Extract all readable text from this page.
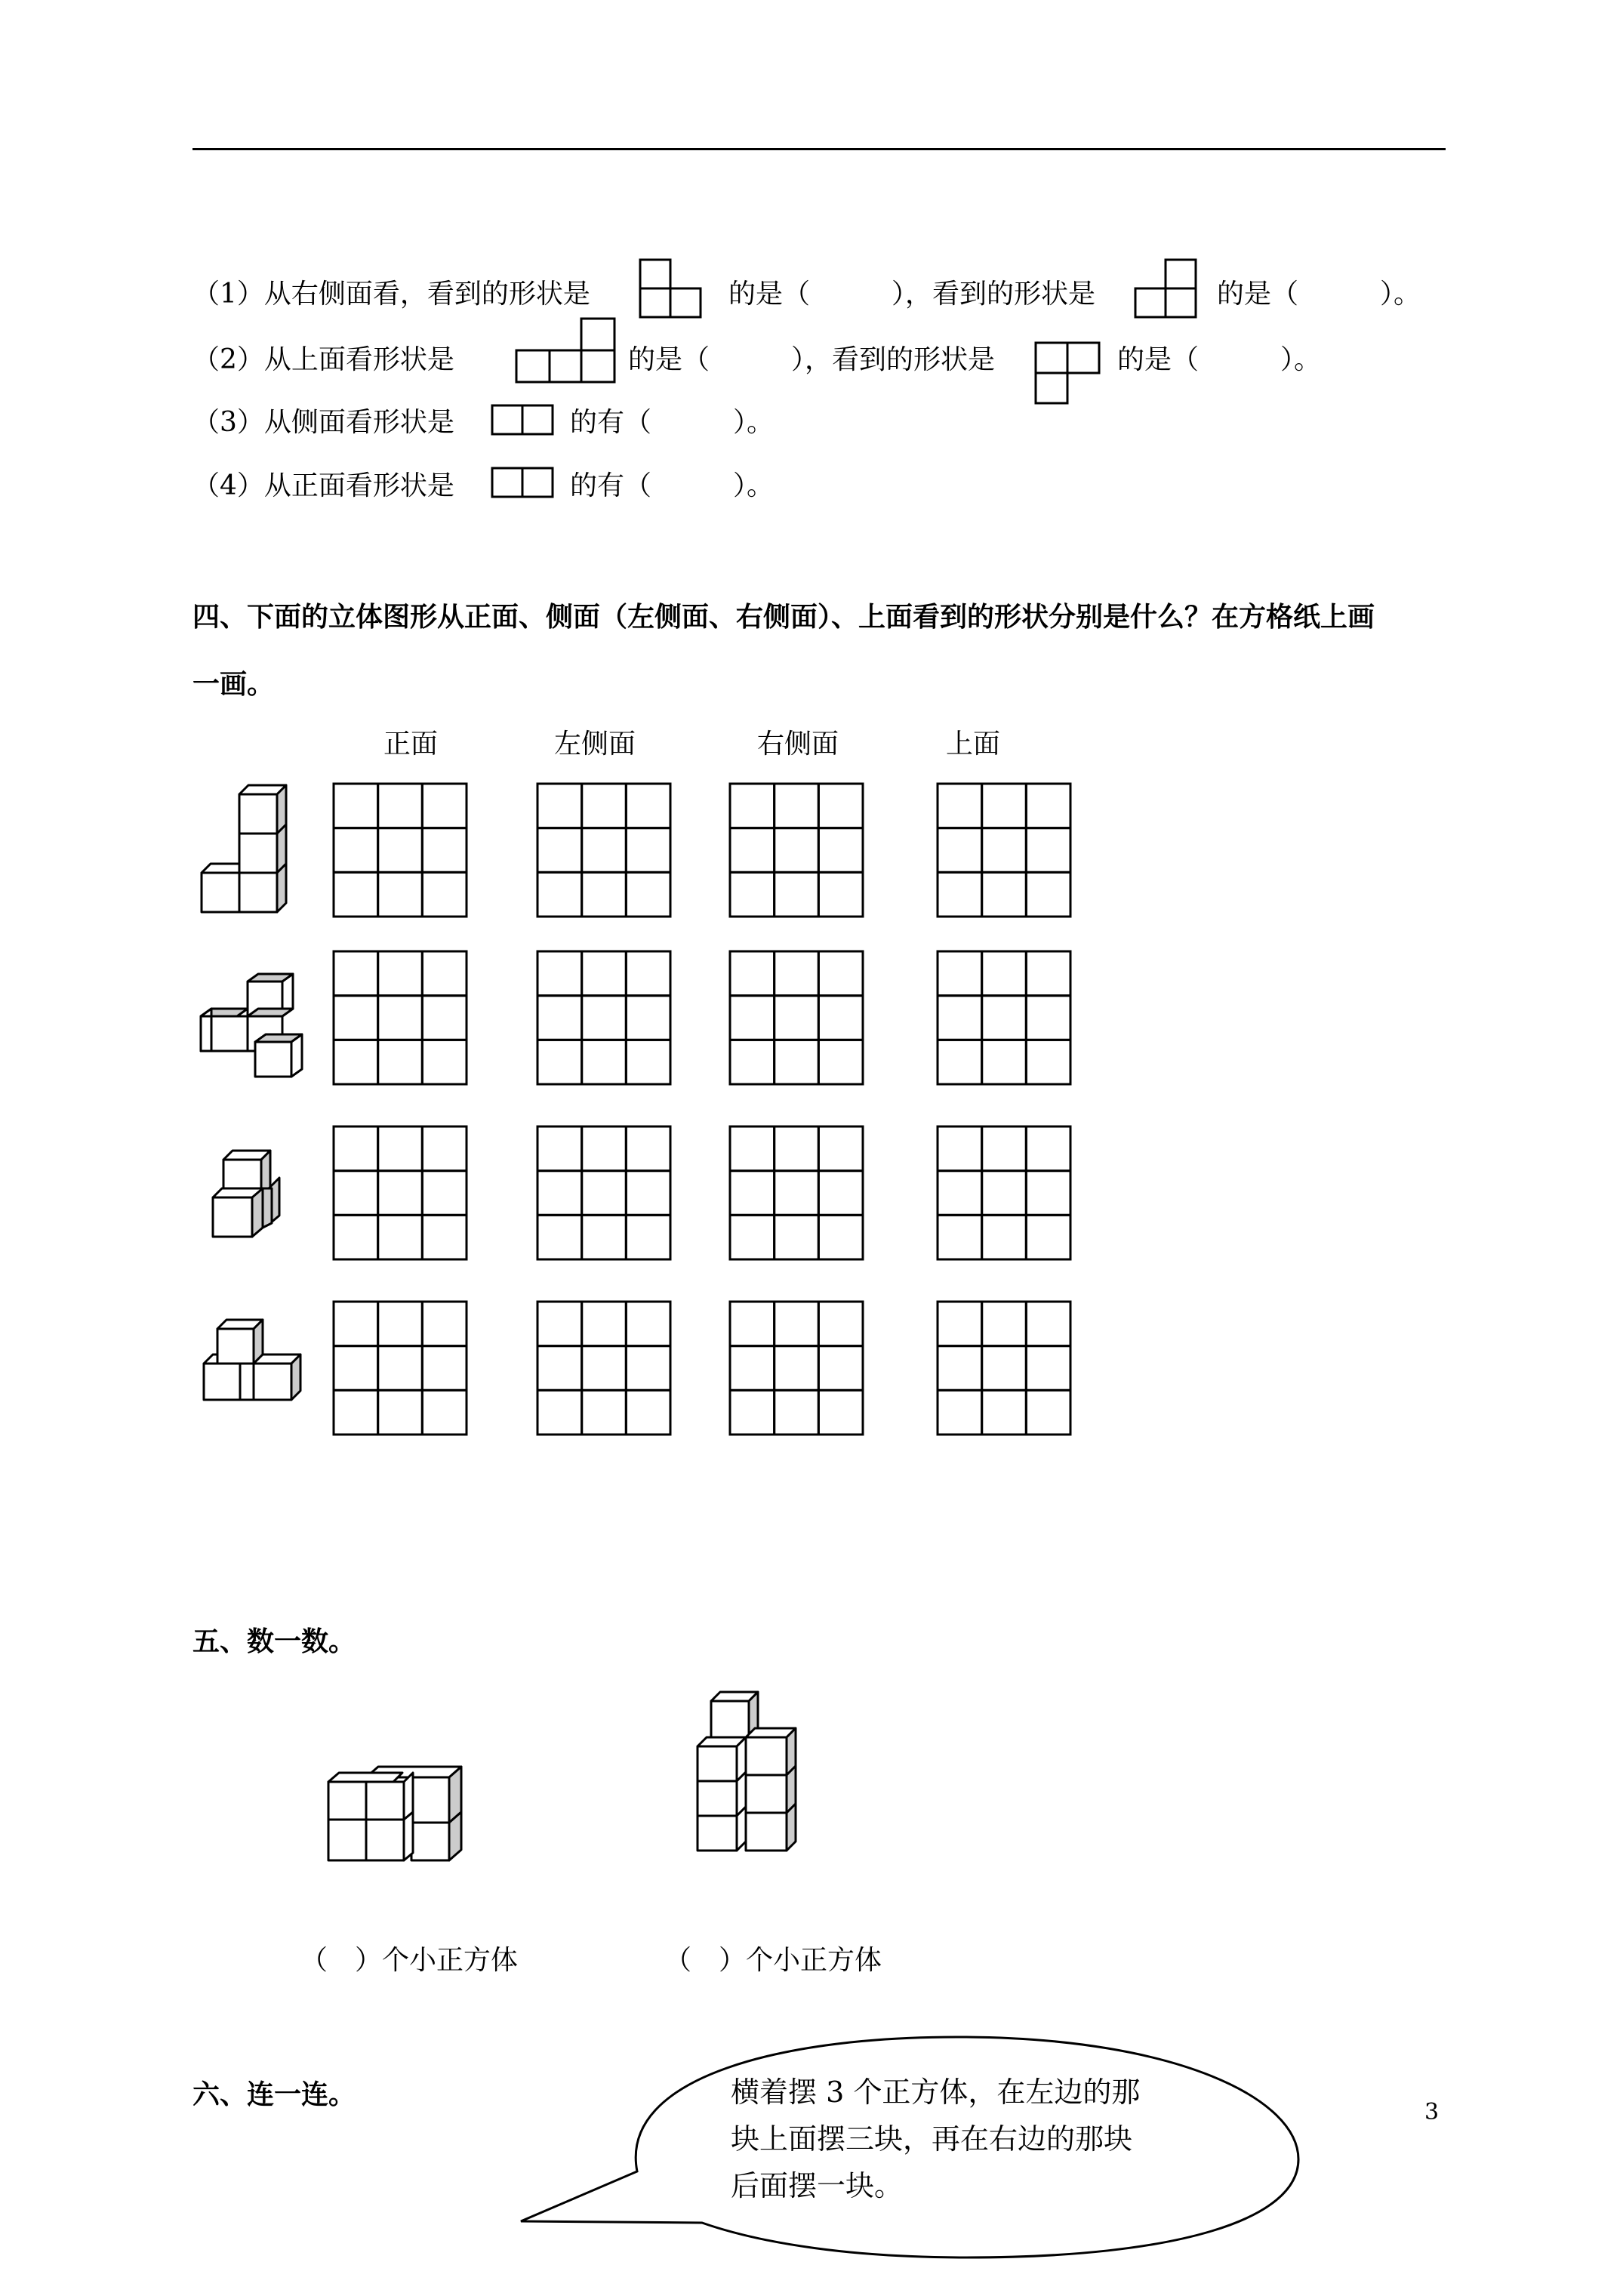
（1）从右侧面看，看到的形状是	的是（　　　），看到的形状是	的是（　　　）。
（2）从上面看形状是	的是（　　　），看到的形状是	的是（　　　）。
（3）从侧面看形状是	的有（　　　）。
（4）从正面看形状是	的有（　　　）。
四、下面的立体图形从正面、侧面（左侧面、右侧面）、上面看到的形状分别是什么？在方格纸上画
一画。
正面	左侧面	右侧面	上面
五、数一数。
（　）个小正方体	（　）个小正方体
六、连一连。	横着摆 3 个正方体，在左边的那
块上面摆三块，再在右边的那块
后面摆一块。
3
